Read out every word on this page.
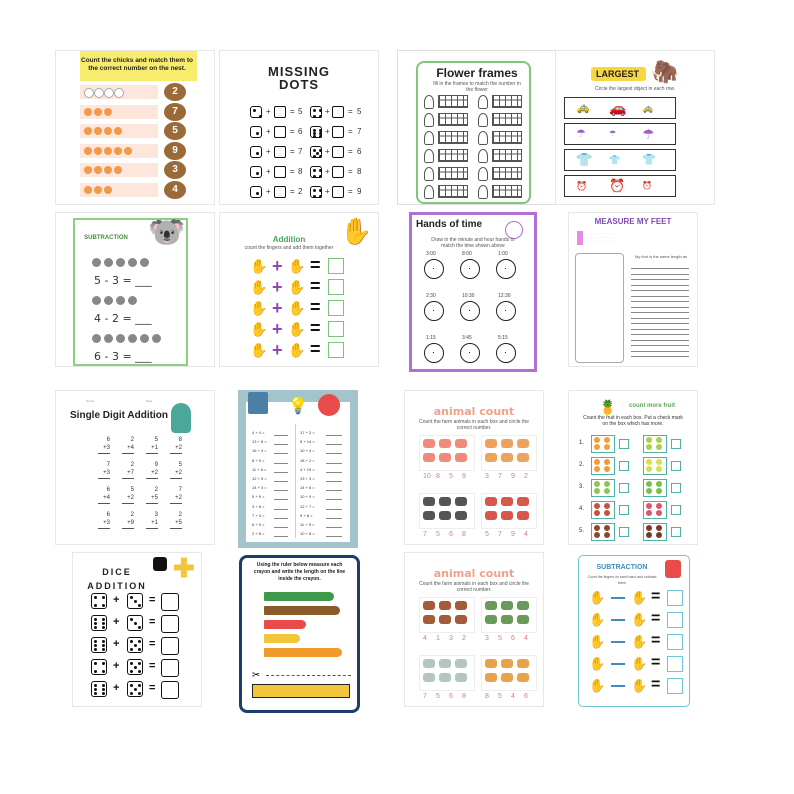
Count the chicks and match them to the correct number on the nest.
2
7
5
9
3
4
MISSING DOTS
+ = 5	+ = 5
+ = 6	+ = 7
+ = 7	+ = 6
+ = 8	+ = 8
+ = 2	+ = 9
Flower frames
fill in the frames to match the number in the flower
LARGEST 🦣
Circle the largest object in each row.
🚕 🚗 🚕
☂	☂ ☂
👕 👕 👕
⏰ ⏰ ⏰
SUBTRACTION 🐨
5 - 3 = ___
4 - 2 = ___
6 - 3 = ___
Addition
count the fingers and add them together
✋
✋ + ✋ =
✋ + ✋ =
✋ + ✋ =
✋ + ✋ =
✋ + ✋ =
Hands of time
Draw in the minute and hour hands to match the time shown above
3:00	8:00	1:00
2:30	10:30	12:30
1:15	3:45	5:15
MEASURE MY FEET
· · · · · · · · · · · · · · · ·
· · · · · · · · · · · · · · · ·
· · · · · · · · · · · · · · · ·
My foot is the same length as
Name	Date
Single Digit Addition
6	2	5	8
+3	+4	+1	+2
7	2	9	5
+3	+7	+2	+2
6	5	2	7
+4	+2	+5	+2
6	2	3	2
+3	+9	+1	+5
💡
4 + 4 =	17 + 2 =
13 + 8 =	5 + 14 =
16 + 4 =	10 + 4 =
8 + 5 =	18 + 2 =
11 + 6 =	4 + 15 =
12 + 5 =	13 + 3 =
14 + 3 =	14 + 6 =
5 + 9 =	10 + 9 =
3 + 8 =	12 + 7 =
7 + 3 =	9 + 8 =
6 + 9 =	11 + 5 =
2 + 8 =	10 + 8 =
animal count
Count the farm animals in each box and circle the correct number.
10 8 5 9	3 7 9 2
7 5 6 8	5 7 9 4
🍍	count more fruit
Count the fruit in each box. Put a check mark on the box which has more.
1.
2.
3.
4.
5.
DICE ADDITION
✚
+	=
+	=
+	=
+	=
+	=
Using the ruler below measure each crayon and write the length on the line inside the crayon.
✂
animal count
Count the farm animals in each box and circle the correct number.
4 1 3 2	3 5 6 4
7 5 6 8	8 5 4 6
SUBTRACTION
Count the fingers on each hand and subtract them
✋ ✋ =
✋ ✋ =
✋ ✋ =
✋ ✋ =
✋ ✋ =
